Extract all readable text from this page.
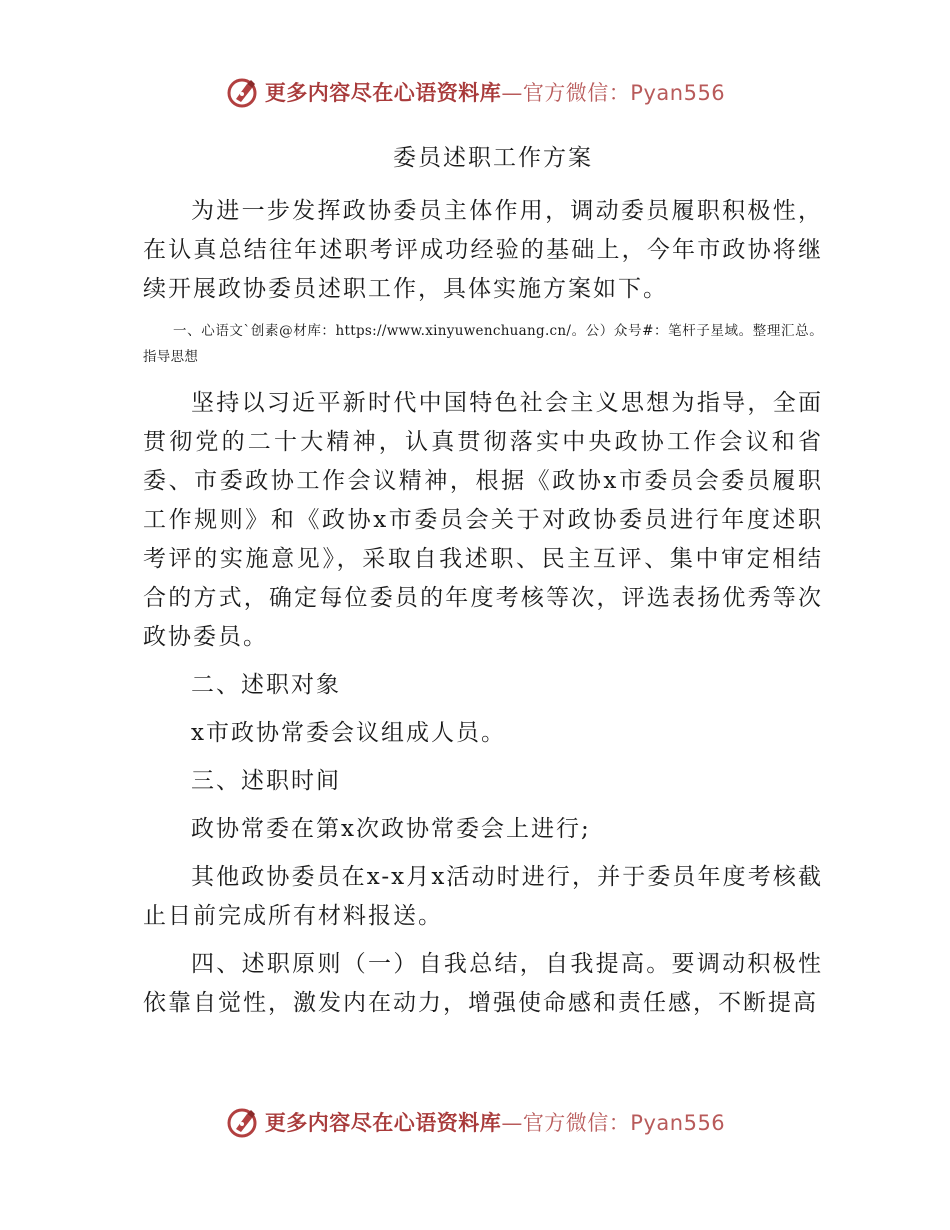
更多内容尽在心语资料库—官方微信：Pyan556
委员述职工作方案

为进一步发挥政协委员主体作用，调动委员履职积极性，在认真总结往年述职考评成功经验的基础上，今年市政协将继续开展政协委员述职工作，具体实施方案如下。

一、心语文`创素@材库：https://www.xinyuwenchuang.cn/。公）众号#：笔杆子星域。整理汇总。指导思想

坚持以习近平新时代中国特色社会主义思想为指导，全面贯彻党的二十大精神，认真贯彻落实中央政协工作会议和省委、市委政协工作会议精神，根据《政协x市委员会委员履职工作规则》和《政协x市委员会关于对政协委员进行年度述职考评的实施意见》，采取自我述职、民主互评、集中审定相结合的方式，确定每位委员的年度考核等次，评选表扬优秀等次政协委员。

二、述职对象

x市政协常委会议组成人员。

三、述职时间

政协常委在第x次政协常委会上进行;

其他政协委员在x-x月x活动时进行，并于委员年度考核截止日前完成所有材料报送。

四、述职原则（一）自我总结，自我提高。要调动积极性依靠自觉性，激发内在动力，增强使命感和责任感，不断提高

更多内容尽在心语资料库—官方微信：Pyan556
